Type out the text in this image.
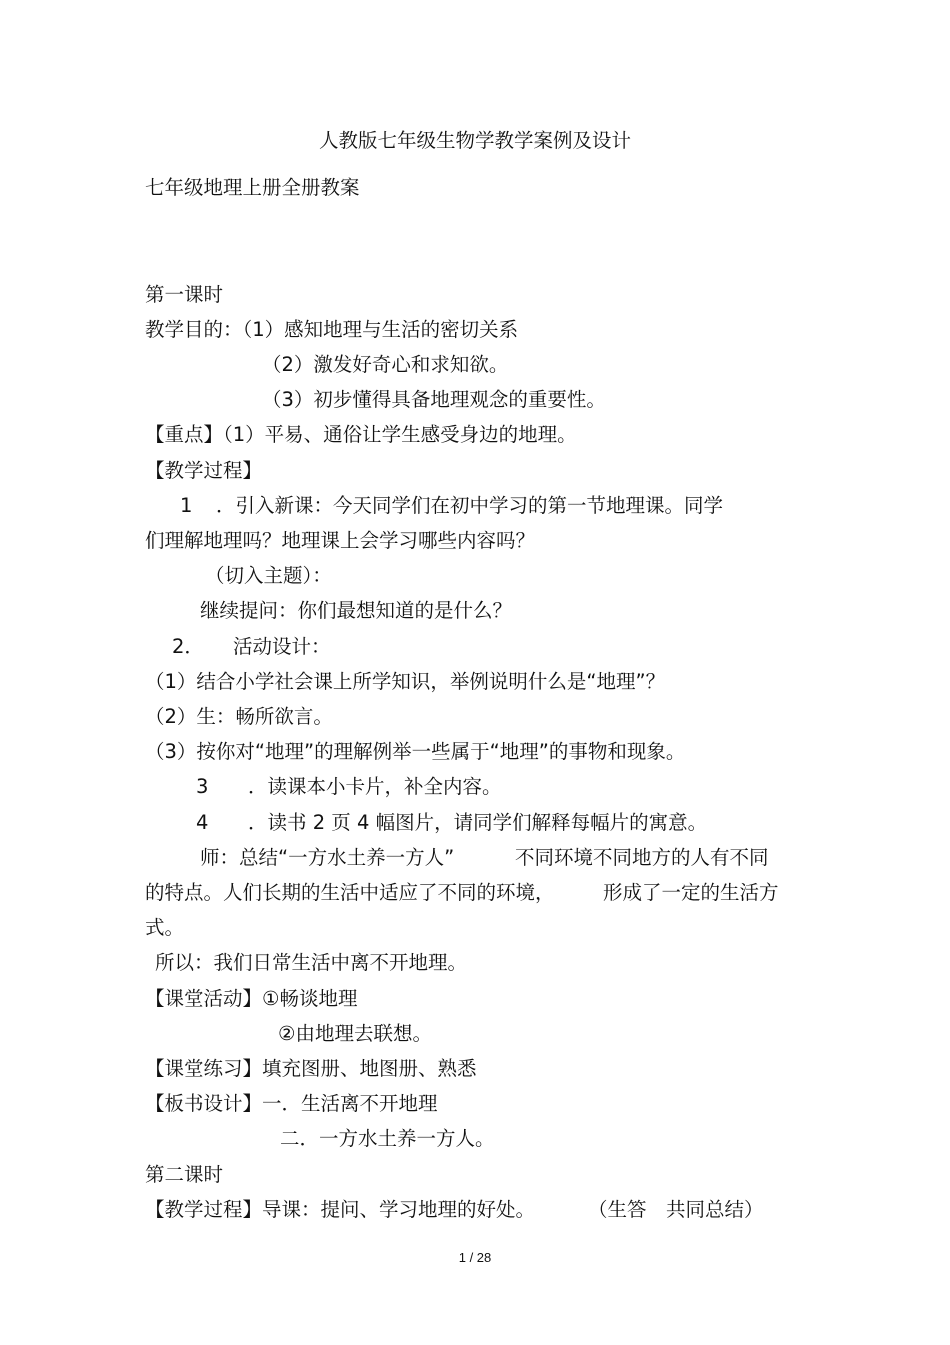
人教版七年级生物学教学案例及设计
七年级地理上册全册教案
第一课时
教学目的：（1）感知地理与生活的密切关系
（2）激发好奇心和求知欲。
（3）初步懂得具备地理观念的重要性。
【重点】（1）平易、通俗让学生感受身边的地理。
【教学过程】
1 ．引入新课：今天同学们在初中学习的第一节地理课。同学
们理解地理吗？地理课上会学习哪些内容吗？
（切入主题）：
继续提问：你们最想知道的是什么？
2． 活动设计：
（1）结合小学社会课上所学知识，举例说明什么是“地理”？
（2）生：畅所欲言。
（3）按你对“地理”的理解例举一些属于“地理”的事物和现象。
3 ．读课本小卡片，补全内容。
4 ．读书 2 页 4 幅图片，请同学们解释每幅片的寓意。
师：总结“一方水土养一方人”	不同环境不同地方的人有不同
的特点。人们长期的生活中适应了不同的环境， 形成了一定的生活方
式。
所以：我们日常生活中离不开地理。
【课堂活动】①畅谈地理
②由地理去联想。
【课堂练习】填充图册、地图册、熟悉
【板书设计】一．生活离不开地理
二．一方水土养一方人。
第二课时
【教学过程】导课：提问、学习地理的好处。	（生答　共同总结）
1 / 28
